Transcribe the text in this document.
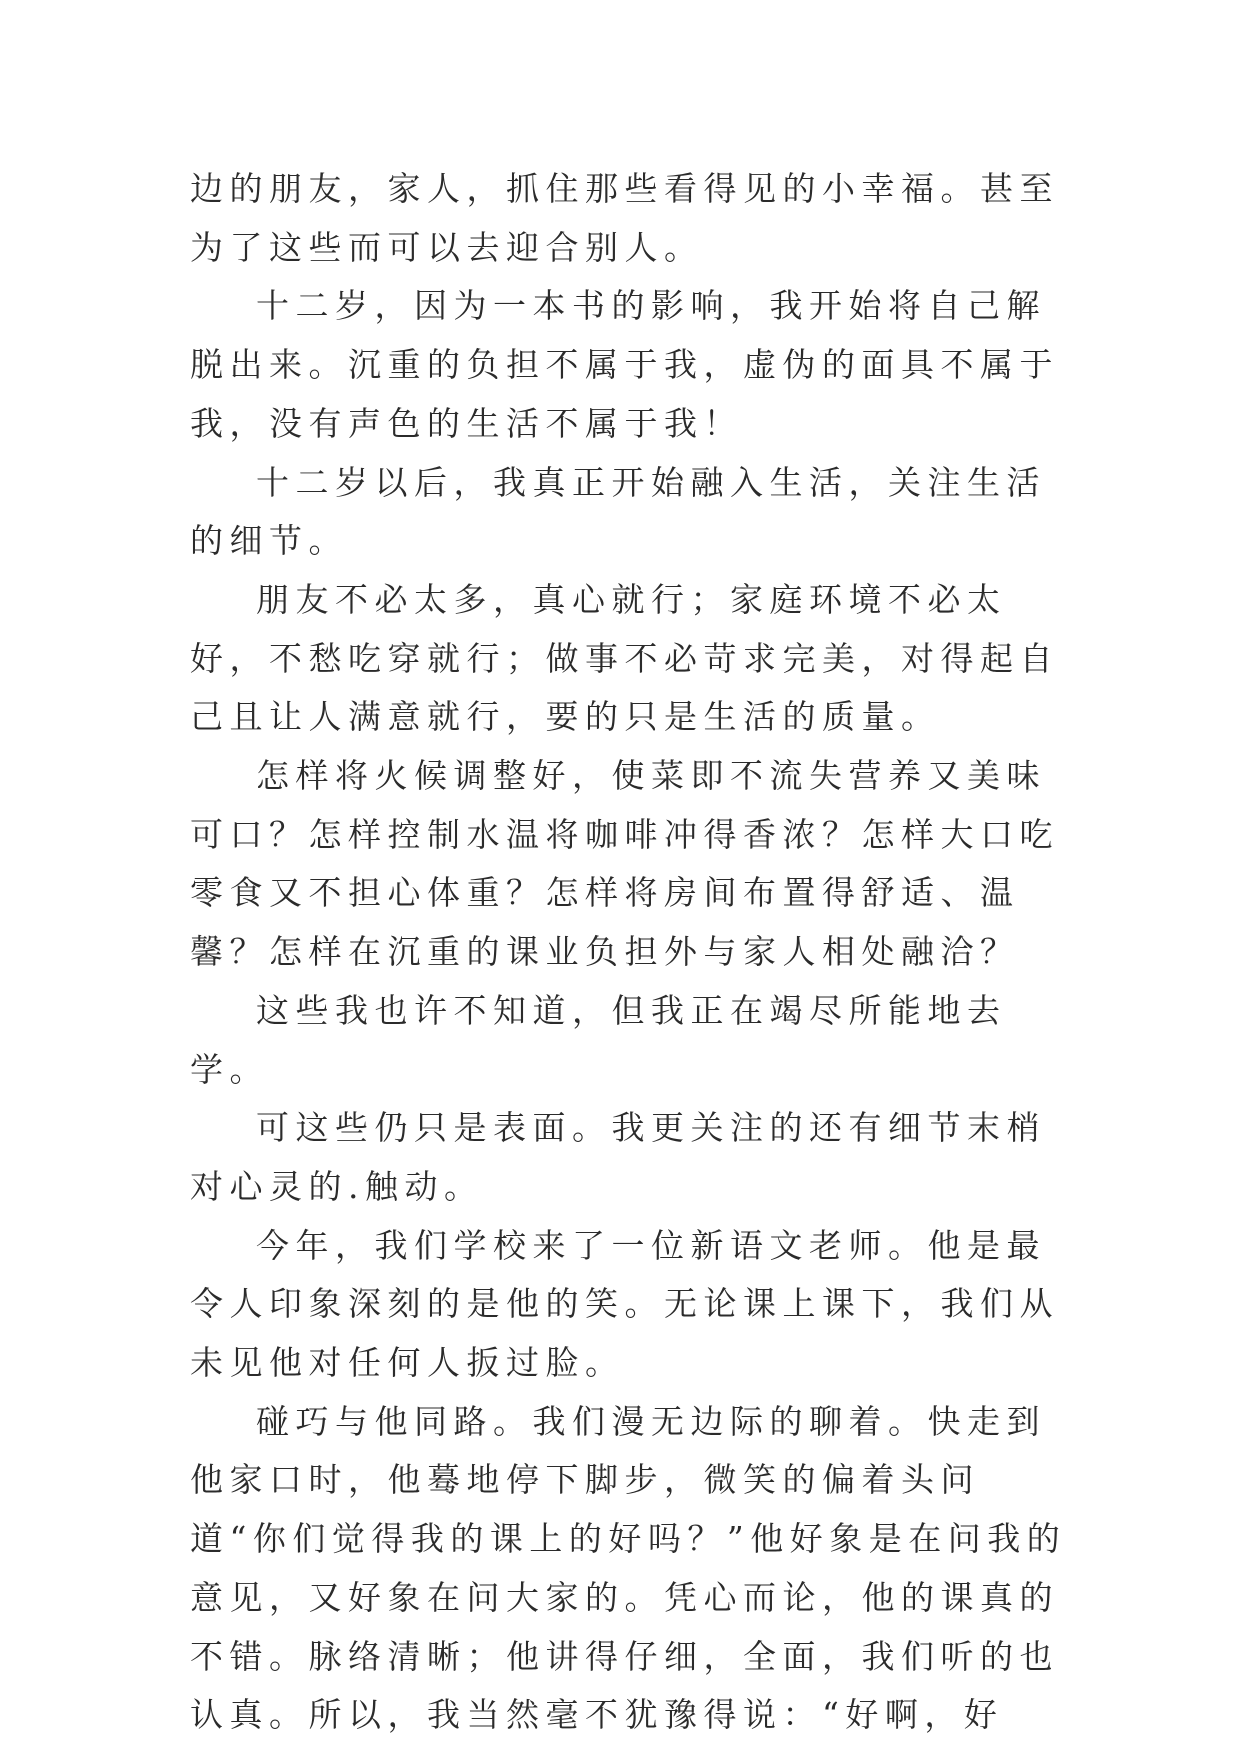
边的朋友，家人，抓住那些看得见的小幸福。甚至为了这些而可以去迎合别人。

十二岁，因为一本书的影响，我开始将自己解脱出来。沉重的负担不属于我，虚伪的面具不属于我，没有声色的生活不属于我！

十二岁以后，我真正开始融入生活，关注生活的细节。

朋友不必太多，真心就行；家庭环境不必太好，不愁吃穿就行；做事不必苛求完美，对得起自己且让人满意就行，要的只是生活的质量。

怎样将火候调整好，使菜即不流失营养又美味可口？怎样控制水温将咖啡冲得香浓？怎样大口吃零食又不担心体重？怎样将房间布置得舒适、温馨？怎样在沉重的课业负担外与家人相处融洽？

这些我也许不知道，但我正在竭尽所能地去学。

可这些仍只是表面。我更关注的还有细节末梢对心灵的.触动。

今年，我们学校来了一位新语文老师。他是最令人印象深刻的是他的笑。无论课上课下，我们从未见他对任何人扳过脸。

碰巧与他同路。我们漫无边际的聊着。快走到他家口时，他蓦地停下脚步，微笑的偏着头问道“你们觉得我的课上的好吗？”他好象是在问我的意见，又好象在问大家的。凭心而论，他的课真的不错。脉络清晰；他讲得仔细，全面，我们听的也认真。所以，我当然毫不犹豫得说：“好啊，好
